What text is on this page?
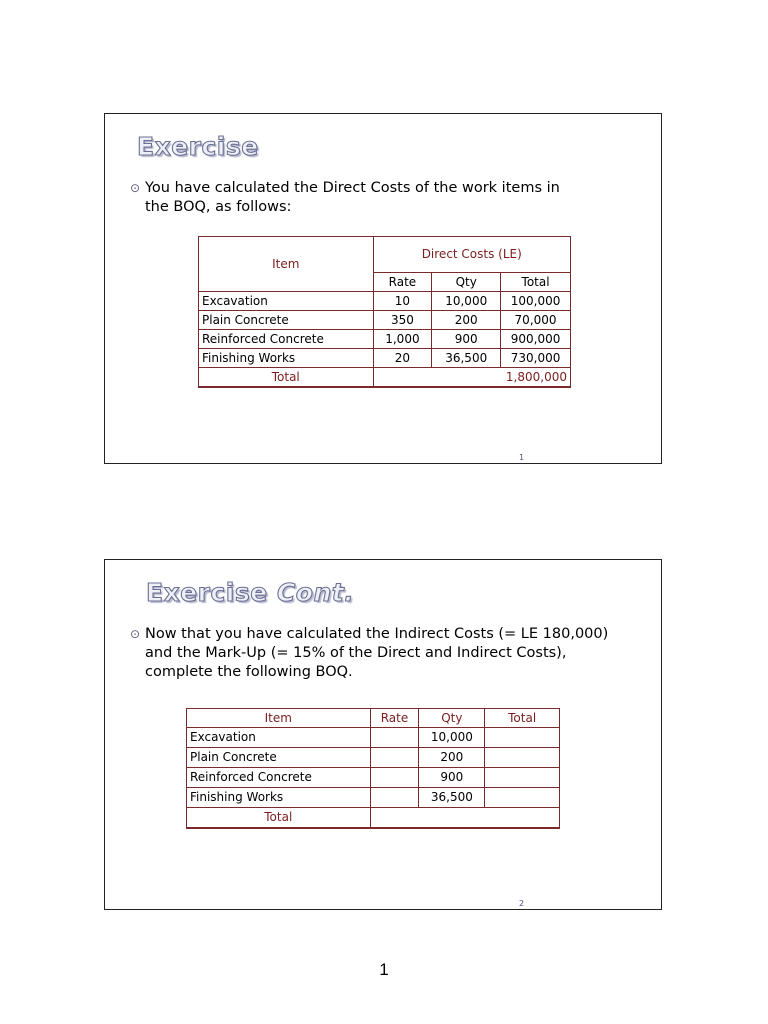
Exercise
⊙ You have calculated the Direct Costs of the work items in the BOQ, as follows:
Item	Direct Costs (LE)		
	Rate	Qty	Total
Excavation	10	10,000	100,000
Plain Concrete	350	200	70,000
Reinforced Concrete	1,000	900	900,000
Finishing Works	20	36,500	730,000
Total	1,800,000		
1
Exercise Cont.
⊙ Now that you have calculated the Indirect Costs (= LE 180,000) and the Mark-Up (= 15% of the Direct and Indirect Costs), complete the following BOQ.
Item	Rate	Qty	Total
Excavation		10,000	
Plain Concrete		200	
Reinforced Concrete		900	
Finishing Works		36,500	
Total			
2
1
